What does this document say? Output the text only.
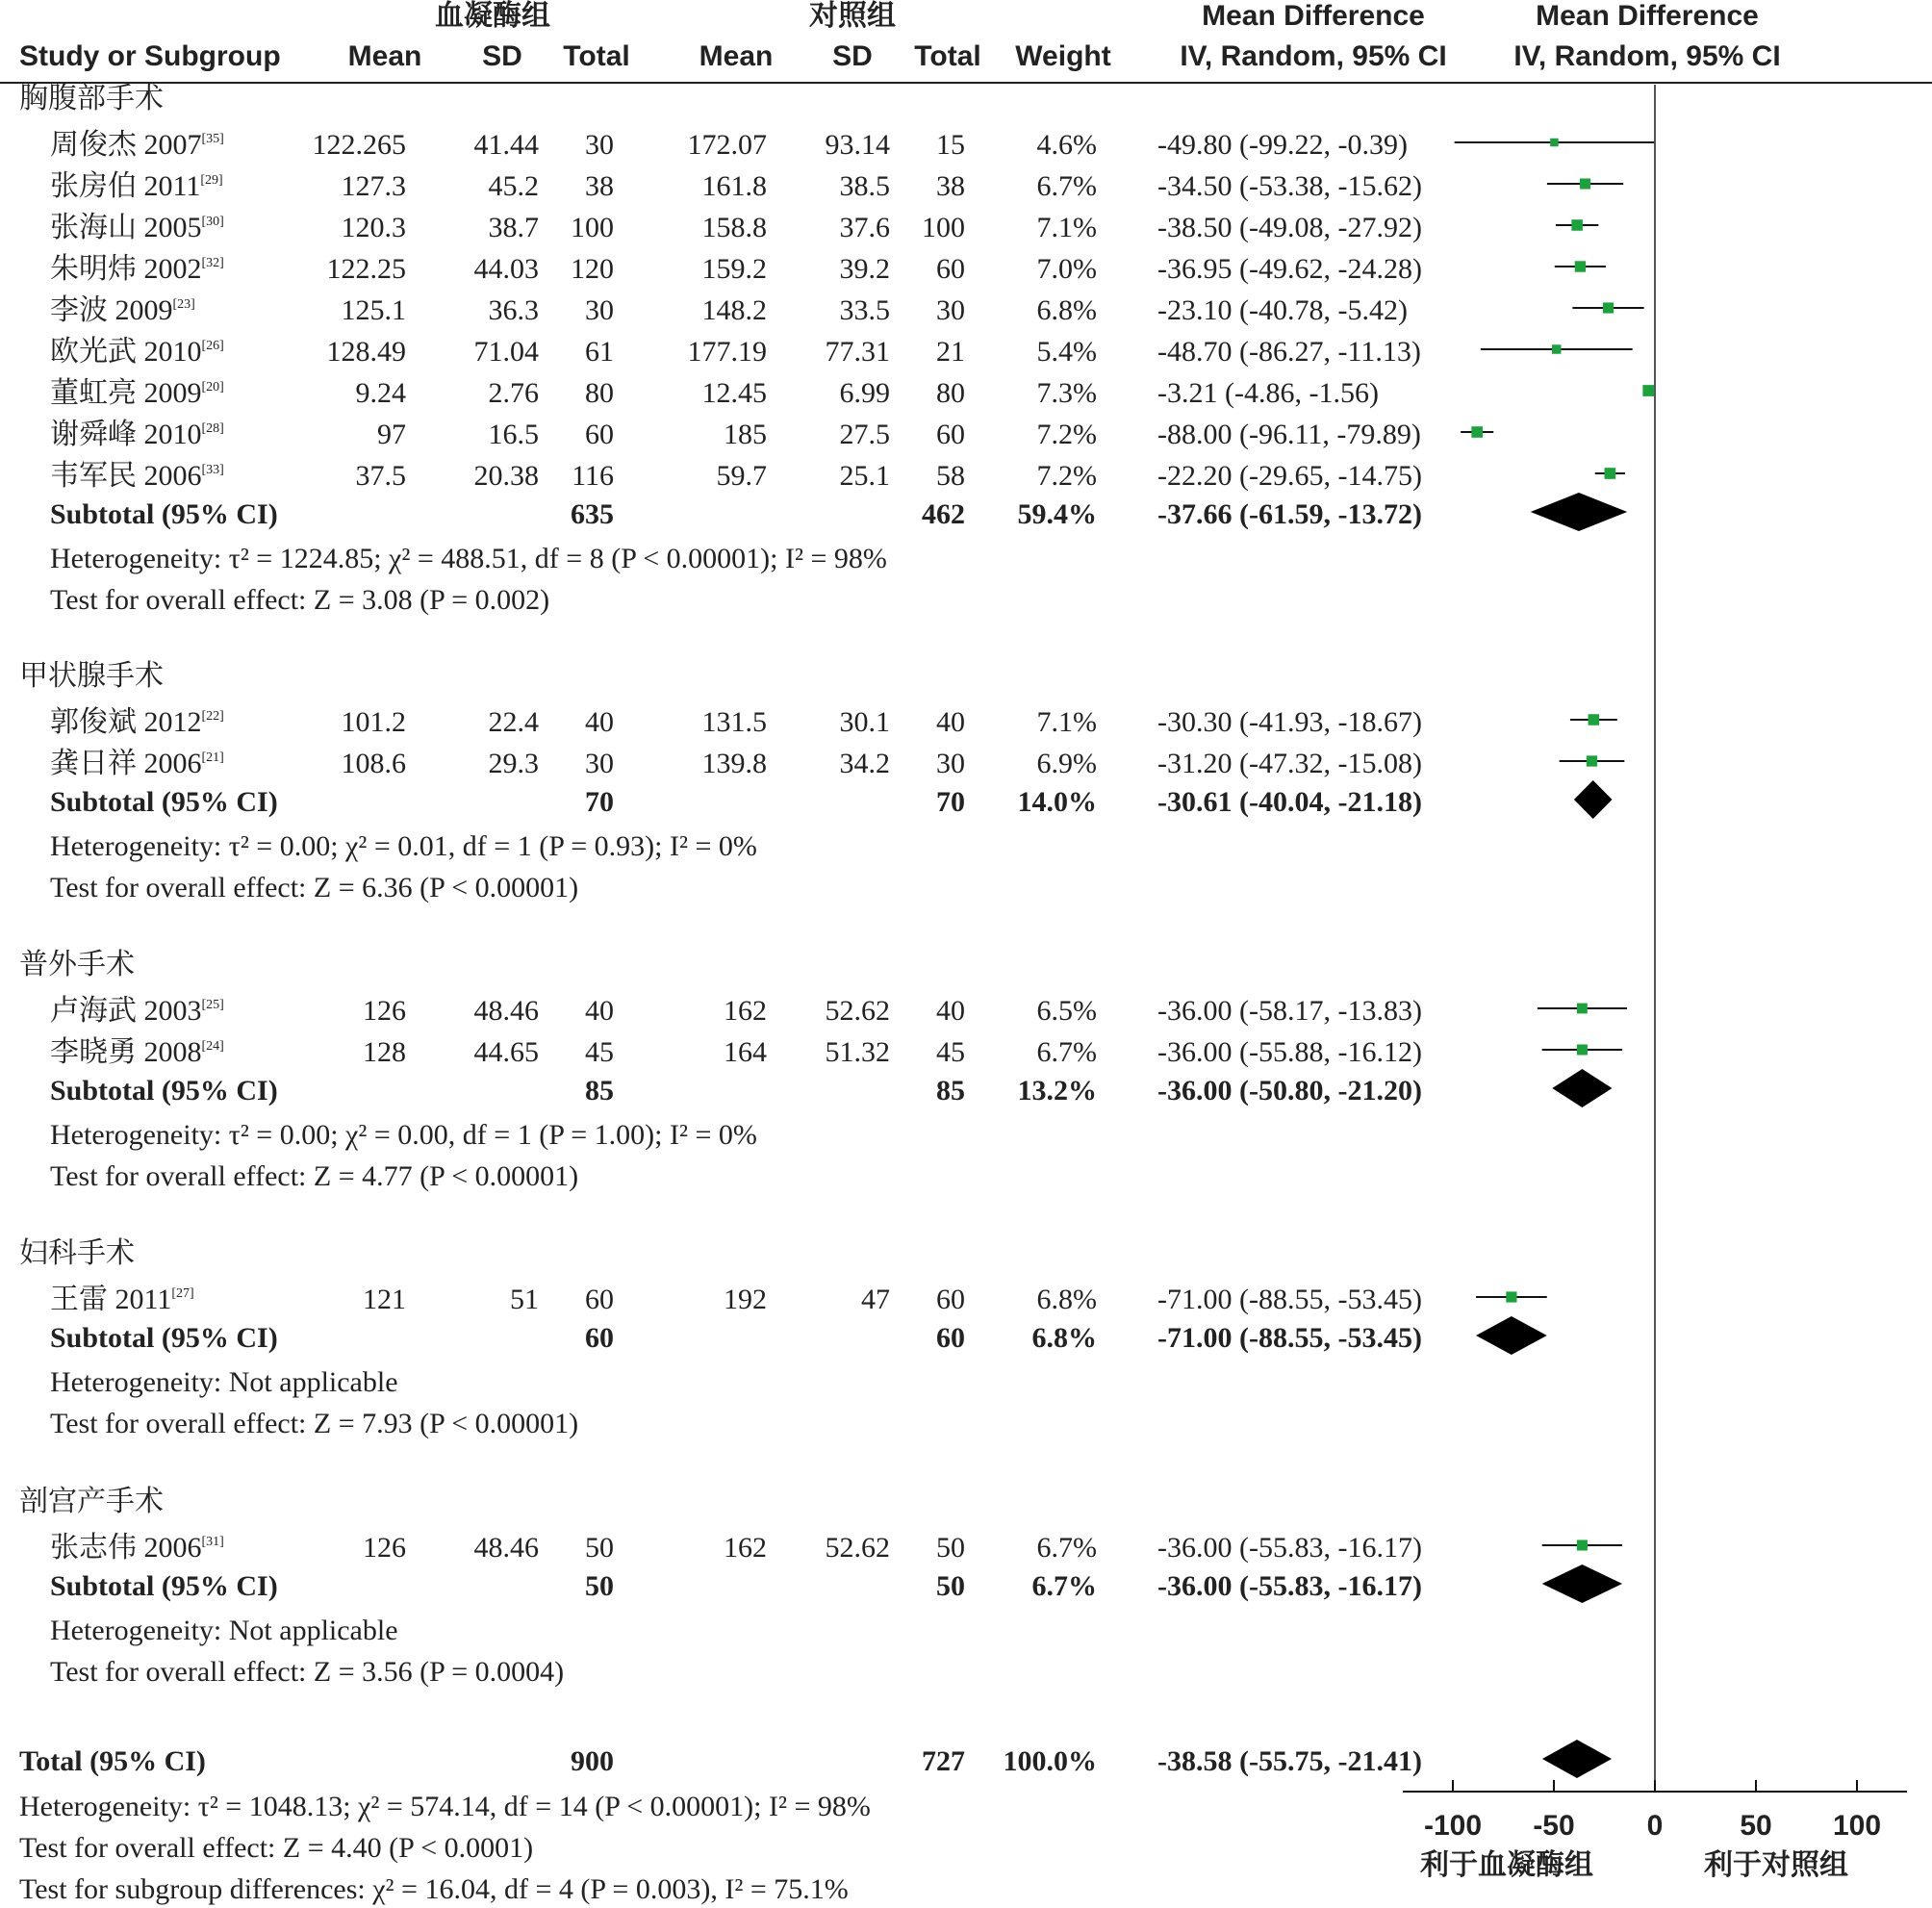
血凝酶组	对照组	Mean Difference	Mean Difference
Study or Subgroup Mean SD Total Mean SD Total Weight IV, Random, 95% CI IV, Random, 95% CI
胸腹部手术
周俊杰 2007[35]	122.265 41.44 30	172.07 93.14 15 4.6% -49.80 (-99.22, -0.39)
张房伯 2011[29]	127.3	45.2 38	161.8	38.5 38 6.7% -34.50 (-53.38, -15.62)
张海山 2005[30]	120.3	38.7 100	158.8	37.6 100 7.1% -38.50 (-49.08, -27.92)
朱明炜 2002[32]	122.25 44.03 120	159.2	39.2 60 7.0% -36.95 (-49.62, -24.28)
李波 2009[23]	125.1	36.3 30	148.2	33.5 30 6.8% -23.10 (-40.78, -5.42)
欧光武 2010[26]	128.49 71.04 61	177.19 77.31 21 5.4% -48.70 (-86.27, -11.13)
董虹亮 2009[20]	9.24	2.76 80	12.45	6.99 80 7.3% -3.21 (-4.86, -1.56)
谢舜峰 2010[28]	97	16.5 60	185	27.5 60 7.2% -88.00 (-96.11, -79.89)
韦军民 2006[33]	37.5 20.38 116	59.7	25.1 58 7.2% -22.20 (-29.65, -14.75)
Subtotal (95% CI)	635	462 59.4% -37.66 (-61.59, -13.72)
Heterogeneity: τ² = 1224.85; χ² = 488.51, df = 8 (P < 0.00001); I² = 98%
Test for overall effect: Z = 3.08 (P = 0.002)
甲状腺手术
郭俊斌 2012[22]	101.2	22.4 40	131.5	30.1 40 7.1% -30.30 (-41.93, -18.67)
龚日祥 2006[21]	108.6	29.3 30	139.8	34.2 30 6.9% -31.20 (-47.32, -15.08)
Subtotal (95% CI)	70	70 14.0% -30.61 (-40.04, -21.18)
Heterogeneity: τ² = 0.00; χ² = 0.01, df = 1 (P = 0.93); I² = 0%
Test for overall effect: Z = 6.36 (P < 0.00001)
普外手术
卢海武 2003[25]	126 48.46 40	162 52.62 40 6.5% -36.00 (-58.17, -13.83)
李晓勇 2008[24]	128 44.65 45	164 51.32 45 6.7% -36.00 (-55.88, -16.12)
Subtotal (95% CI)	85	85 13.2% -36.00 (-50.80, -21.20)
Heterogeneity: τ² = 0.00; χ² = 0.00, df = 1 (P = 1.00); I² = 0%
Test for overall effect: Z = 4.77 (P < 0.00001)
妇科手术
王雷 2011[27]	121	51 60	192	47 60 6.8% -71.00 (-88.55, -53.45)
Subtotal (95% CI)	60	60 6.8% -71.00 (-88.55, -53.45)
Heterogeneity: Not applicable
Test for overall effect: Z = 7.93 (P < 0.00001)
剖宫产手术
张志伟 2006[31]	126 48.46 50	162 52.62 50 6.7% -36.00 (-55.83, -16.17)
Subtotal (95% CI)	50	50 6.7% -36.00 (-55.83, -16.17)
Heterogeneity: Not applicable
Test for overall effect: Z = 3.56 (P = 0.0004)
Total (95% CI)	900	727 100.0% -38.58 (-55.75, -21.41)
Heterogeneity: τ² = 1048.13; χ² = 574.14, df = 14 (P < 0.00001); I² = 98%
Test for overall effect: Z = 4.40 (P < 0.0001)
Test for subgroup differences: χ² = 16.04, df = 4 (P = 0.003), I² = 75.1%
-100 -50 0	50 100
利于血凝酶组	利于对照组
